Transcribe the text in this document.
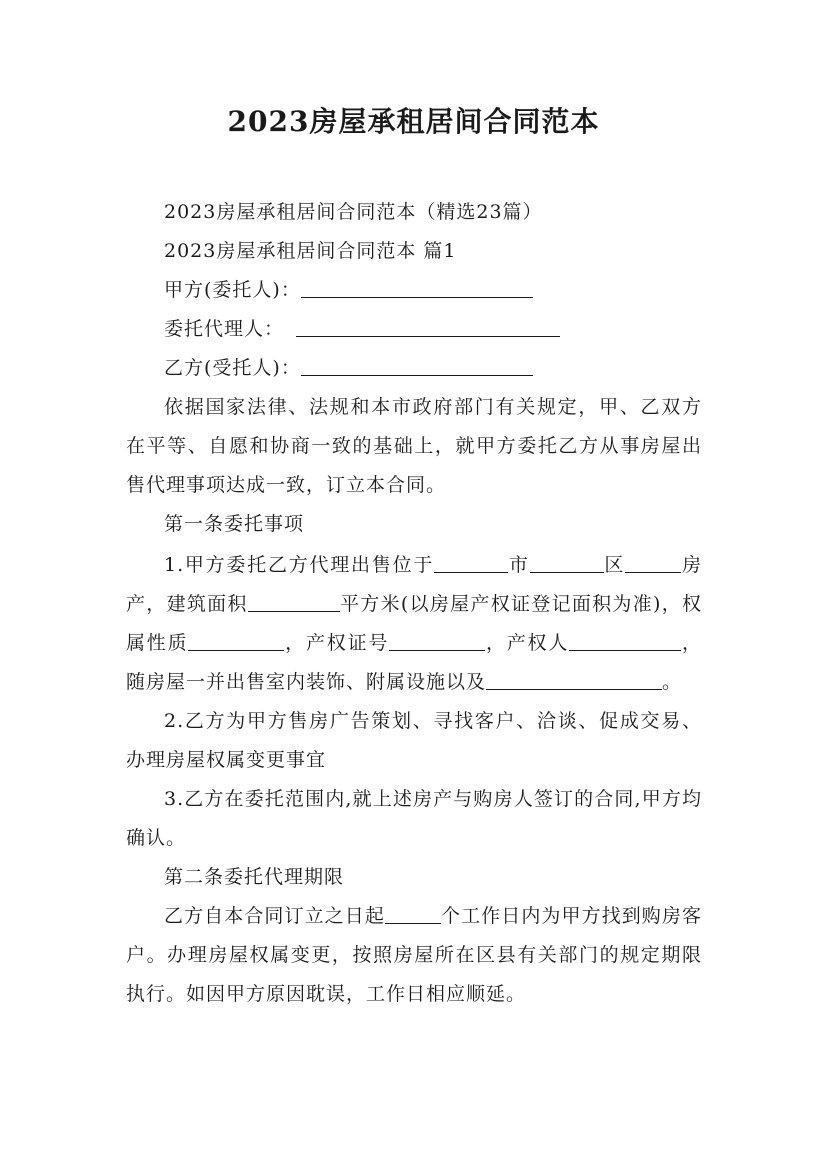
2023房屋承租居间合同范本

2023房屋承租居间合同范本（精选23篇）

2023房屋承租居间合同范本 篇1

甲方(委托人)：

委托代理人：

乙方(受托人)：

依据国家法律、法规和本市政府部门有关规定，甲、乙双方在平等、自愿和协商一致的基础上，就甲方委托乙方从事房屋出售代理事项达成一致，订立本合同。

第一条委托事项

1.甲方委托乙方代理出售位于	市	区	房产，建筑面积	平方米(以房屋产权证登记面积为准)，权属性质	，产权证号	，产权人	，随房屋一并出售室内装饰、附属设施以及	。

2.乙方为甲方售房广告策划、寻找客户、洽谈、促成交易、办理房屋权属变更事宜

3.乙方在委托范围内,就上述房产与购房人签订的合同,甲方均确认。

第二条委托代理期限

乙方自本合同订立之日起	个工作日内为甲方找到购房客户。办理房屋权属变更，按照房屋所在区县有关部门的规定期限执行。如因甲方原因耽误，工作日相应顺延。
